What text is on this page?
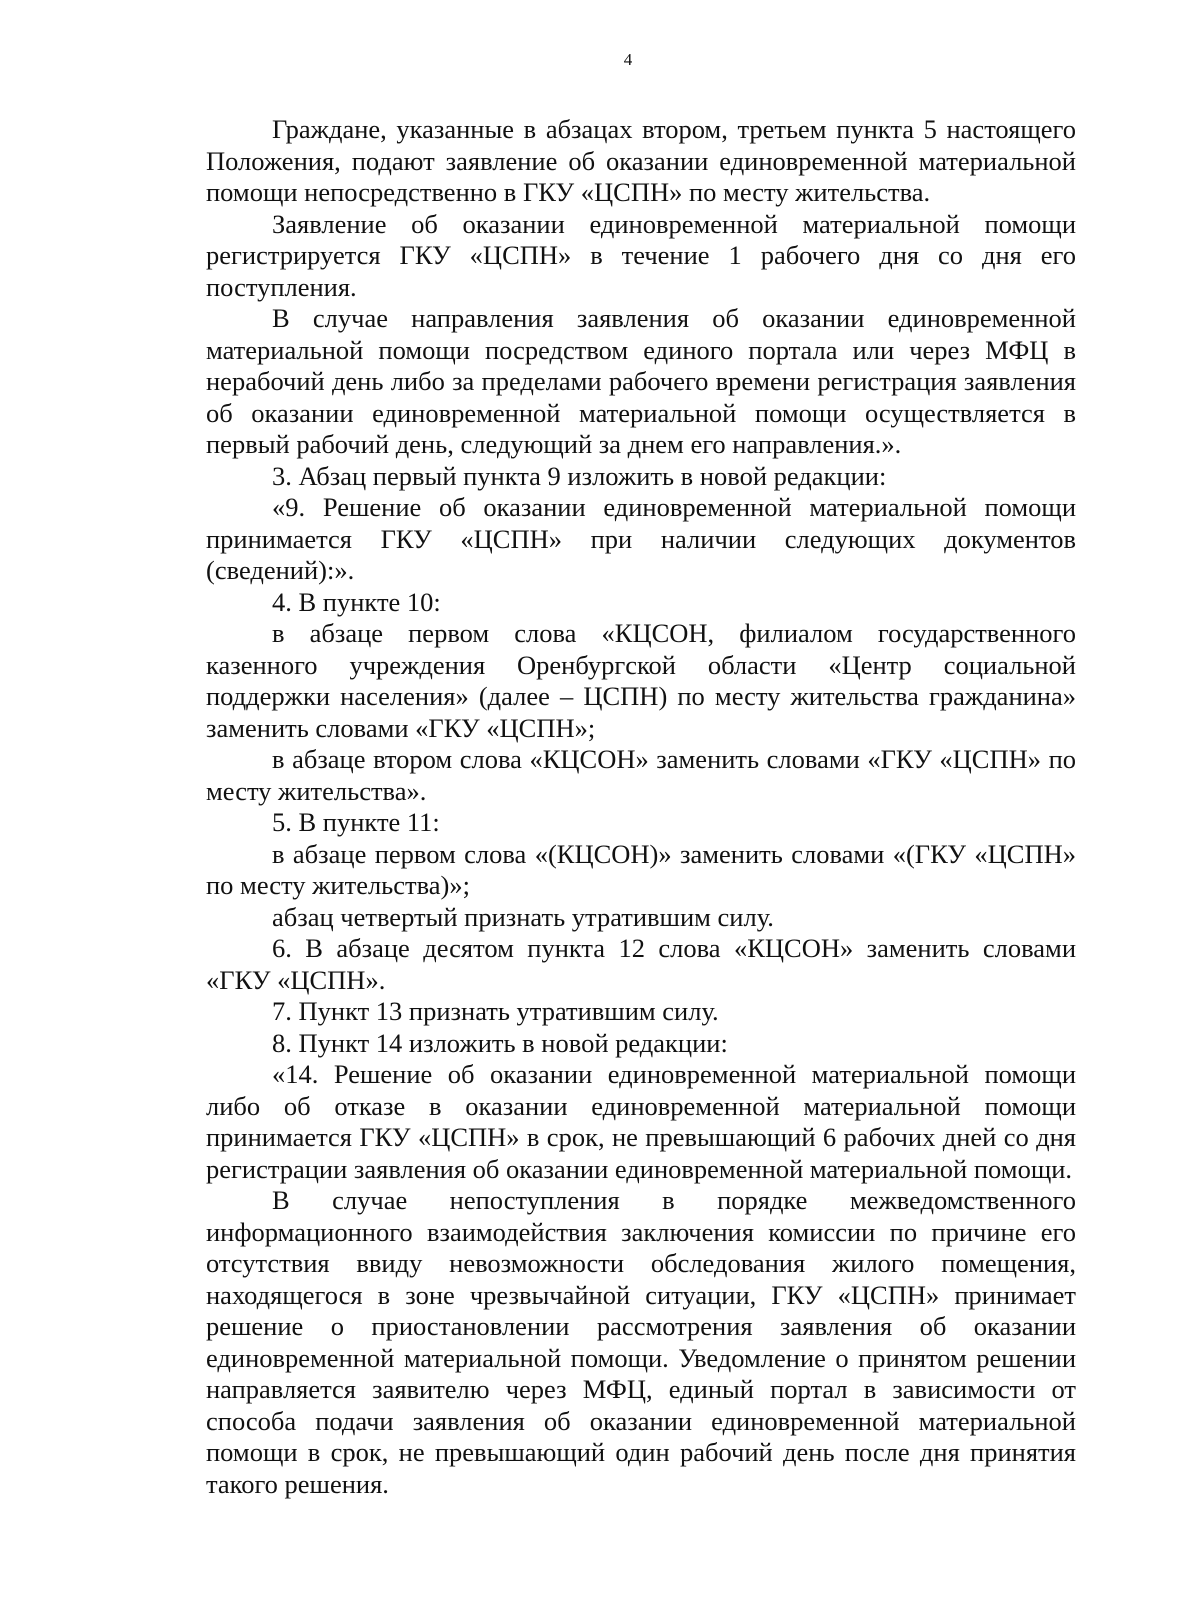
4

Граждане, указанные в абзацах втором, третьем пункта 5 настоящего Положения, подают заявление об оказании единовременной материальной помощи непосредственно в ГКУ «ЦСПН» по месту жительства.

Заявление об оказании единовременной материальной помощи регистрируется ГКУ «ЦСПН» в течение 1 рабочего дня со дня его поступления.

В случае направления заявления об оказании единовременной материальной помощи посредством единого портала или через МФЦ в нерабочий день либо за пределами рабочего времени регистрация заявления об оказании единовременной материальной помощи осуществляется в первый рабочий день, следующий за днем его направления.».

3. Абзац первый пункта 9 изложить в новой редакции:

«9. Решение об оказании единовременной материальной помощи принимается ГКУ «ЦСПН» при наличии следующих документов (сведений):».

4. В пункте 10:

в абзаце первом слова «КЦСОН, филиалом государственного казенного учреждения Оренбургской области «Центр социальной поддержки населения» (далее – ЦСПН) по месту жительства гражданина» заменить словами «ГКУ «ЦСПН»;

в абзаце втором слова «КЦСОН» заменить словами «ГКУ «ЦСПН» по месту жительства».

5. В пункте 11:

в абзаце первом слова «(КЦСОН)» заменить словами «(ГКУ «ЦСПН» по месту жительства)»;

абзац четвертый признать утратившим силу.

6. В абзаце десятом пункта 12 слова «КЦСОН» заменить словами «ГКУ «ЦСПН».

7. Пункт 13 признать утратившим силу.

8. Пункт 14 изложить в новой редакции:

«14. Решение об оказании единовременной материальной помощи либо об отказе в оказании единовременной материальной помощи принимается ГКУ «ЦСПН» в срок, не превышающий 6 рабочих дней со дня регистрации заявления об оказании единовременной материальной помощи.

В случае непоступления в порядке межведомственного информационного взаимодействия заключения комиссии по причине его отсутствия ввиду невозможности обследования жилого помещения, находящегося в зоне чрезвычайной ситуации, ГКУ «ЦСПН» принимает решение о приостановлении рассмотрения заявления об оказании единовременной материальной помощи. Уведомление о принятом решении направляется заявителю через МФЦ, единый портал в зависимости от способа подачи заявления об оказании единовременной материальной помощи в срок, не превышающий один рабочий день после дня принятия такого решения.
